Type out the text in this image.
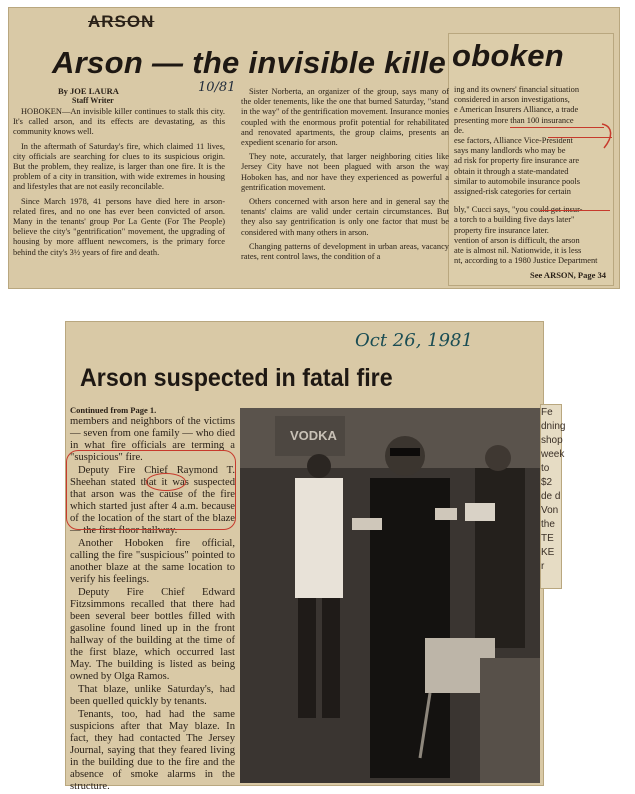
ARSON
Arson — the invisible kille oboken
10/81
By JOE LAURA
Staff Writer

HOBOKEN—An invisible killer continues to stalk this city. It's called arson, and its effects are devastating, as this community knows well.

In the aftermath of Saturday's fire, which claimed 11 lives, city officials are searching for clues to its suspicious origin. But the problem, they realize, is larger than one fire. It is the problem of a city in transition, with wide extremes in housing and lifestyles that are not easily reconcilable.

Since March 1978, 41 persons have died here in arson-related fires, and no one has ever been convicted of arson. Many in the tenants' group Por La Gente (For The People) believe the city's "gentrification" movement, the upgrading of housing by more affluent newcomers, is the primary force behind the city's 3½ years of fire and death.

Sister Norberta, an organizer of the group, says many of the older tenements, like the one that burned Saturday, "stand in the way" of the gentrification movement. Insurance monies coupled with the enormous profit potential for rehabilitated and renovated apartments, the group claims, presents an expedient scenario for arson.

They note, accurately, that larger neighboring cities like Jersey City have not been plagued with arson the way Hoboken has, and nor have they experienced as powerful a gentrification movement.

Others concerned with arson here and in general say the tenants' claims are valid under certain circumstances. But they also say gentrification is only one factor that must be considered with many others in arson.

Changing patterns of development in urban areas, vacancy rates, rent control laws, the condition of a

ing and its owners' financial situation
considered in arson investigations,
e American Insurers Alliance, a trade
presenting more than 100 insurance
de.
ese factors, Alliance Vice-President
says many landlords who may be
ad risk for property fire insurance are
obtain it through a state-mandated
similar to automobile insurance pools
assigned-risk categories for certain
bly," Cucci says, "you could get insur-
a torch to a building five days later"
property fire insurance later.
vention of arson is difficult, the arson
ate is almost nil. Nationwide, it is less
nt, according to a 1980 Justice Department
See ARSON, Page 34
Oct 26, 1981
Arson suspected in fatal fire
Continued from Page 1.

members and neighbors of the victims — seven from one family — who died in what fire officials are terming a "suspicious" fire.

Deputy Fire Chief Raymond T. Sheehan stated that it was suspected that arson was the cause of the fire which started just after 4 a.m. because of the location of the start of the blaze — the first floor hallway.

Another Hoboken fire official, calling the fire "suspicious" pointed to another blaze at the same location to verify his feelings.

Deputy Fire Chief Edward Fitzsimmons recalled that there had been several beer bottles filled with gasoline found lined up in the front hallway of the building at the time of the first blaze, which occurred last May. The building is listed as being owned by Olga Ramos.

That blaze, unlike Saturday's, had been quelled quickly by tenants.

Tenants, too, had had the same suspicions after that May blaze. In fact, they had contacted The Jersey Journal, saying that they feared living in the building due to the fire and the absence of smoke alarms in the structure.

VODKA
Fe
dning
shop
week
to $2
de d
Von
the
TE
KE
r
